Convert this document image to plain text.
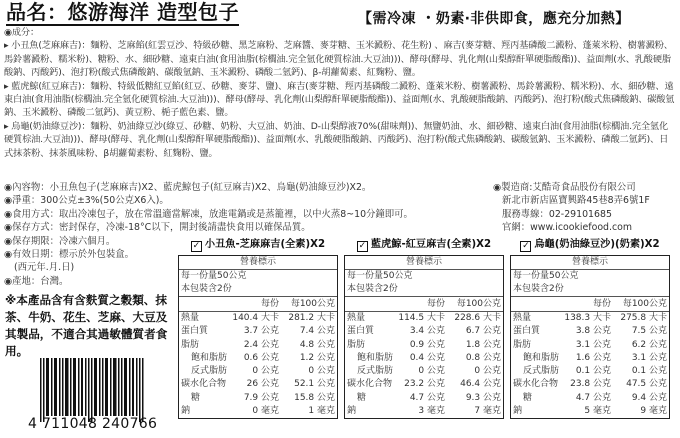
品名：悠游海洋 造型包子	【需冷凍 ・奶素‧非供即食，應充分加熱】

◉成分：

▸ 小丑魚(芝麻麻吉)：麵粉、芝麻餡(紅雲豆沙、特級砂糖、黑芝麻粉、芝麻醬、麥芽糖、玉米澱粉、花生粉) 、麻吉(麥芽糖、羥丙基磷酸二澱粉、蓬萊米粉、樹薯澱粉、馬鈴薯澱粉、糯米粉)、糖粉、水、細砂糖、遠東白油(食用油脂(棕櫚油.完全氫化硬質棕油.大豆油)))、酵母(酵母、乳化劑(山梨醇酐單硬脂酸酯))、益面劑(水、乳酸硬脂酸鈉、丙酸鈣)、泡打粉(酸式焦磷酸鈉、碳酸氫鈉、玉米澱粉、磷酸二氫鈣)、β-胡蘿蔔素、紅麴粉、鹽。

▸ 藍虎鯨(紅豆麻吉)：麵粉、特級低糖紅豆餡(紅豆、砂糖、麥芽、鹽)、麻吉(麥芽糖、羥丙基磷酸二澱粉、蓬萊米粉、樹薯澱粉、馬鈴薯澱粉、糯米粉)、水、細砂糖、遠東白油(食用油脂(棕櫚油.完全氫化硬質棕油.大豆油)))、酵母(酵母、乳化劑(山梨醇酐單硬脂酸酯))、益面劑(水、乳酸硬脂酸鈉、丙酸鈣)、泡打粉(酸式焦磷酸鈉、碳酸氫鈉、玉米澱粉、磷酸二氫鈣)、黃豆粉、梔子藍色素、鹽。

▸ 烏龜(奶油綠豆沙)：麵粉、奶油綠豆沙(綠豆、砂糖、奶粉、大豆油、奶油、D-山梨醇液70%(甜味劑))、無鹽奶油、水、細砂糖、遠東白油(食用油脂(棕櫚油.完全氫化硬質棕油.大豆油)))、酵母(酵母、乳化劑(山梨醇酐單硬脂酸酯))、益面劑(水、乳酸硬脂酸鈉、丙酸鈣)、泡打粉(酸式焦磷酸鈉、碳酸氫鈉、玉米澱粉、磷酸二氫鈣)、日式抹茶粉、抹茶風味粉、β胡蘿蔔素粉、紅麴粉、鹽。

◉內容物：小丑魚包子(芝麻麻吉)X2、藍虎鯨包子(紅豆麻吉)X2、烏龜(奶油綠豆沙)X2。

◉淨重：300公克±3%(50公克X6入)。

◉食用方式：取出冷凍包子，放在常溫適當解凍，放進電鍋或是蒸籠裡，以中火蒸8~10分鐘即可。

◉保存方式：密封保存，冷凍-18°C以下，開封後請盡快食用以確保品質。

◉保存期限：冷凍六個月。

◉有效日期：標示於外包裝盒。

(西元年.月.日)

◉產地：台灣。

◉製造商:艾酷奇食品股份有限公司

新北市新店區寶興路45巷8弄6號1F

服務專線：02-29101685

官網：www.icookiefood.com

※本產品含有含麩質之穀類、抹茶、牛奶、花生、芝麻、大豆及其製品，不適合其過敏體質者食用。
4 711048 240766
✓ 小丑魚-芝麻麻吉(全素)X2
營養標示
每一份量50公克
本包裝含2份
每份	每100公克
熱量	140.4 大卡	281.2 大卡
蛋白質	3.7 公克	7.4 公克
脂肪	2.4 公克	4.8 公克
飽和脂肪	0.6 公克	1.2 公克
反式脂肪	0 公克	0 公克
碳水化合物	26 公克	52.1 公克
糖	7.9 公克	15.8 公克
鈉	0 毫克	1 毫克
✓ 藍虎鯨-紅豆麻吉(全素)X2
營養標示
每一份量50公克
本包裝含2份
每份	每100公克
熱量	114.5 大卡	228.6 大卡
蛋白質	3.4 公克	6.7 公克
脂肪	0.9 公克	1.8 公克
飽和脂肪	0.4 公克	0.8 公克
反式脂肪	0 公克	0 公克
碳水化合物	23.2 公克	46.4 公克
糖	4.7 公克	9.3 公克
鈉	3 毫克	7 毫克
✓ 烏龜(奶油綠豆沙)(奶素)X2
營養標示
每一份量50公克
本包裝含2份
每份	每100公克
熱量	138.3 大卡	275.8 大卡
蛋白質	3.8 公克	7.5 公克
脂肪	3.1 公克	6.2 公克
飽和脂肪	1.6 公克	3.1 公克
反式脂肪	0.1 公克	0.1 公克
碳水化合物	23.8 公克	47.5 公克
糖	4.7 公克	9.4 公克
鈉	5 毫克	9 毫克
